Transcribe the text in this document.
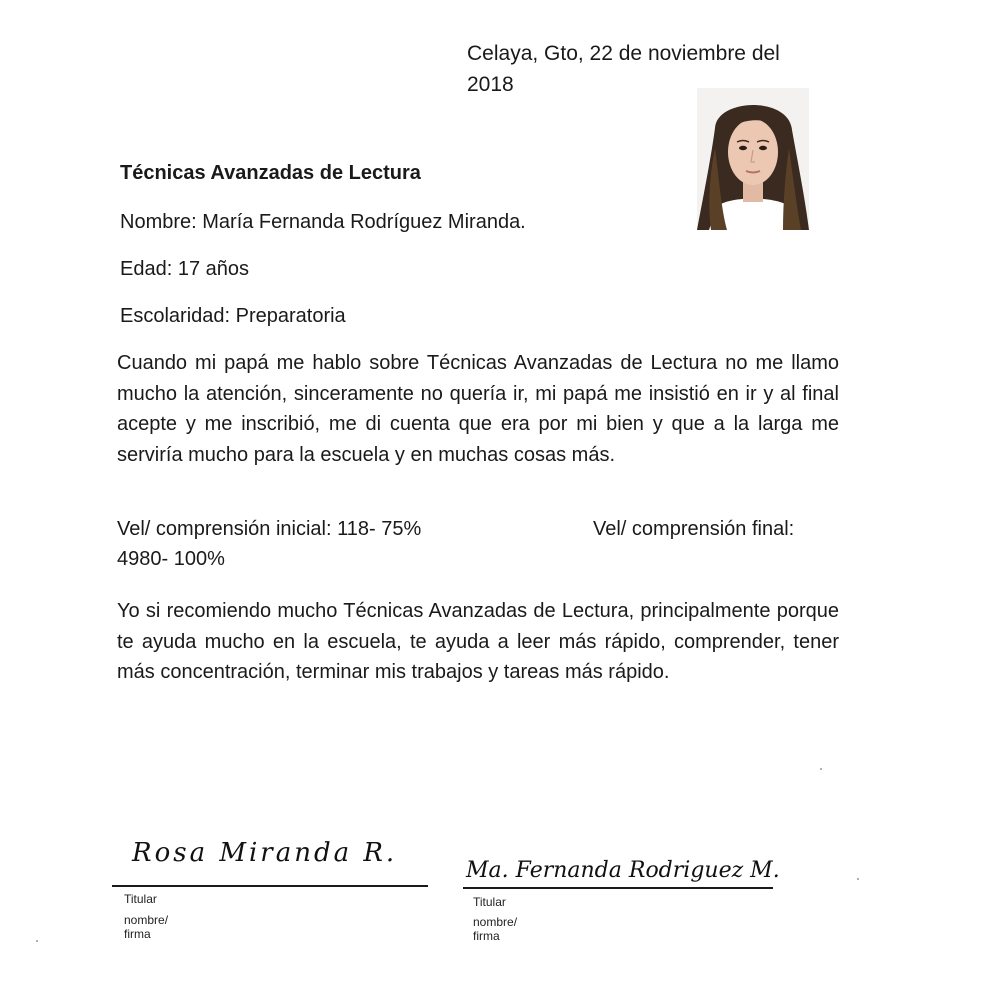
Celaya, Gto, 22 de noviembre del 2018
Técnicas Avanzadas de Lectura
Nombre: María Fernanda Rodríguez Miranda.
Edad: 17 años
Escolaridad: Preparatoria
Cuando mi papá me hablo sobre Técnicas Avanzadas de Lectura no me llamo mucho la atención, sinceramente no quería ir, mi papá me insistió en ir y al final acepte y me inscribió, me di cuenta que era por mi bien y que a la larga me serviría mucho para la escuela y en muchas cosas más.
Vel/ comprensión inicial: 118- 75%	Vel/ comprensión final:
4980- 100%
Yo si recomiendo mucho Técnicas Avanzadas de Lectura, principalmente porque te ayuda mucho en la escuela, te ayuda a leer más rápido, comprender, tener más concentración, terminar mis trabajos y tareas más rápido.
Rosa Miranda R.
Titular
nombre/ firma
Ma. Fernanda Rodriguez M.
Titular
nombre/ firma
